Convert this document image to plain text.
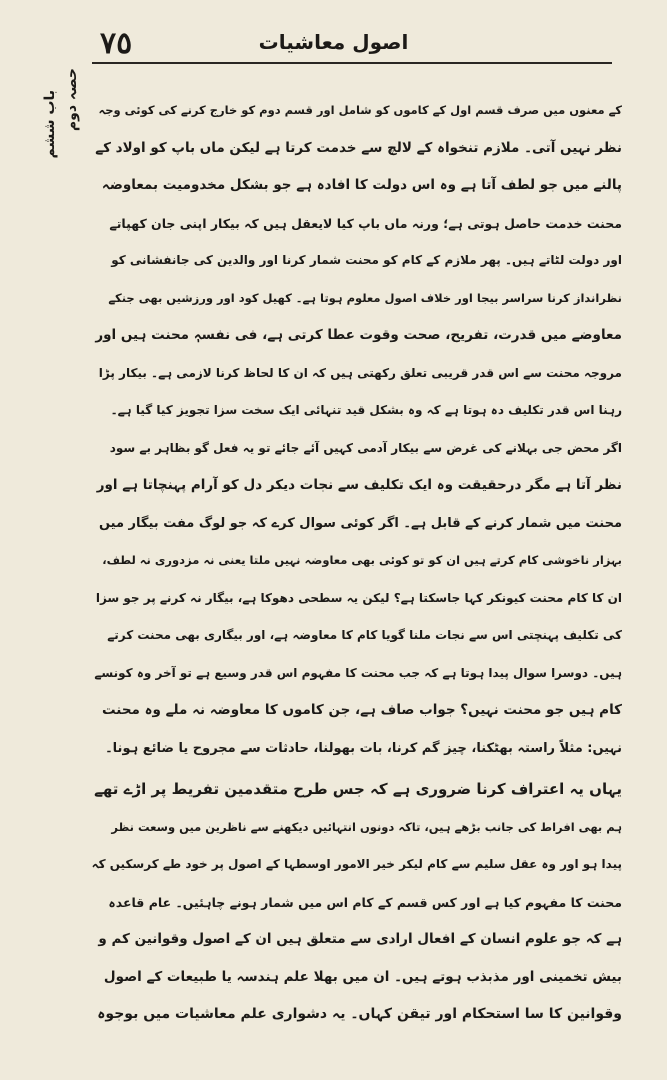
٧٥	اصول معاشیات
حصہ دوم
باب ششم	کے معنوں میں صرف قسم اول کے کاموں کو شامل اور قسم دوم کو خارج کرنے کی کوئی وجہ
نظر نہیں آتی۔ ملازم تنخواہ کے لالچ سے خدمت کرتا ہے لیکن ماں باپ کو اولاد کے
پالنے میں جو لطف آتا ہے وہ اس دولت کا افادہ ہے جو بشکل مخدومیت بمعاوضہ
محنت خدمت حاصل ہوتی ہے؛ ورنہ ماں باپ کیا لایعقل ہیں کہ بیکار اپنی جان کھپاتے
اور دولت لٹاتے ہیں۔ پھر ملازم کے کام کو محنت شمار کرنا اور والدین کی جانفشانی کو
نظرانداز کرنا سراسر بیجا اور خلاف اصول معلوم ہوتا ہے۔ کھیل کود اور ورزشیں بھی جنکے
معاوضے میں قدرت، تفریح، صحت وقوت عطا کرتی ہے، فی نفسہٖ محنت ہیں اور
مروجہ محنت سے اس قدر قریبی تعلق رکھتی ہیں کہ ان کا لحاظ کرنا لازمی ہے۔ بیکار پڑا
رہنا اس قدر تکلیف دہ ہوتا ہے کہ وہ بشکل قید تنہائی ایک سخت سزا تجویز کیا گیا ہے۔
اگر محض جی بہلانے کی غرض سے بیکار آدمی کہیں آئے جائے تو یہ فعل گو بظاہر بے سود
نظر آتا ہے مگر درحقیقت وہ ایک تکلیف سے نجات دیکر دل کو آرام پہنچاتا ہے اور
محنت میں شمار کرنے کے قابل ہے۔ اگر کوئی سوال کرے کہ جو لوگ مفت بیگار میں
بہزار ناخوشی کام کرتے ہیں ان کو تو کوئی بھی معاوضہ نہیں ملتا یعنی نہ مزدوری نہ لطف،
ان کا کام محنت کیونکر کہا جاسکتا ہے؟ لیکن یہ سطحی دھوکا ہے، بیگار نہ کرنے پر جو سزا
کی تکلیف پہنچتی اس سے نجات ملنا گویا کام کا معاوضہ ہے، اور بیگاری بھی محنت کرتے
ہیں۔ دوسرا سوال پیدا ہوتا ہے کہ جب محنت کا مفہوم اس قدر وسیع ہے تو آخر وہ کونسے
کام ہیں جو محنت نہیں؟ جواب صاف ہے، جن کاموں کا معاوضہ نہ ملے وہ محنت
نہیں: مثلاً راستہ بھٹکنا، چیز گم کرنا، بات بھولنا، حادثات سے مجروح یا ضائع ہونا۔
یہاں یہ اعتراف کرنا ضروری ہے کہ جس طرح متقدمین تفریط پر اڑے تھے
ہم بھی افراط کی جانب بڑھے ہیں، تاکہ دونوں انتہائیں دیکھنے سے ناظرین میں وسعت نظر
پیدا ہو اور وہ عقل سلیم سے کام لیکر خیر الامور اوسطہا کے اصول پر خود طے کرسکیں کہ
محنت کا مفہوم کیا ہے اور کس قسم کے کام اس میں شمار ہونے چاہئیں۔ عام قاعدہ
ہے کہ جو علوم انسان کے افعال ارادی سے متعلق ہیں ان کے اصول وقوانین کم و
بیش تخمینی اور مذبذب ہوتے ہیں۔ ان میں بھلا علم ہندسہ یا طبیعات کے اصول
وقوانین کا سا استحکام اور تیقن کہاں۔ یہ دشواری علم معاشیات میں بوجوہ
